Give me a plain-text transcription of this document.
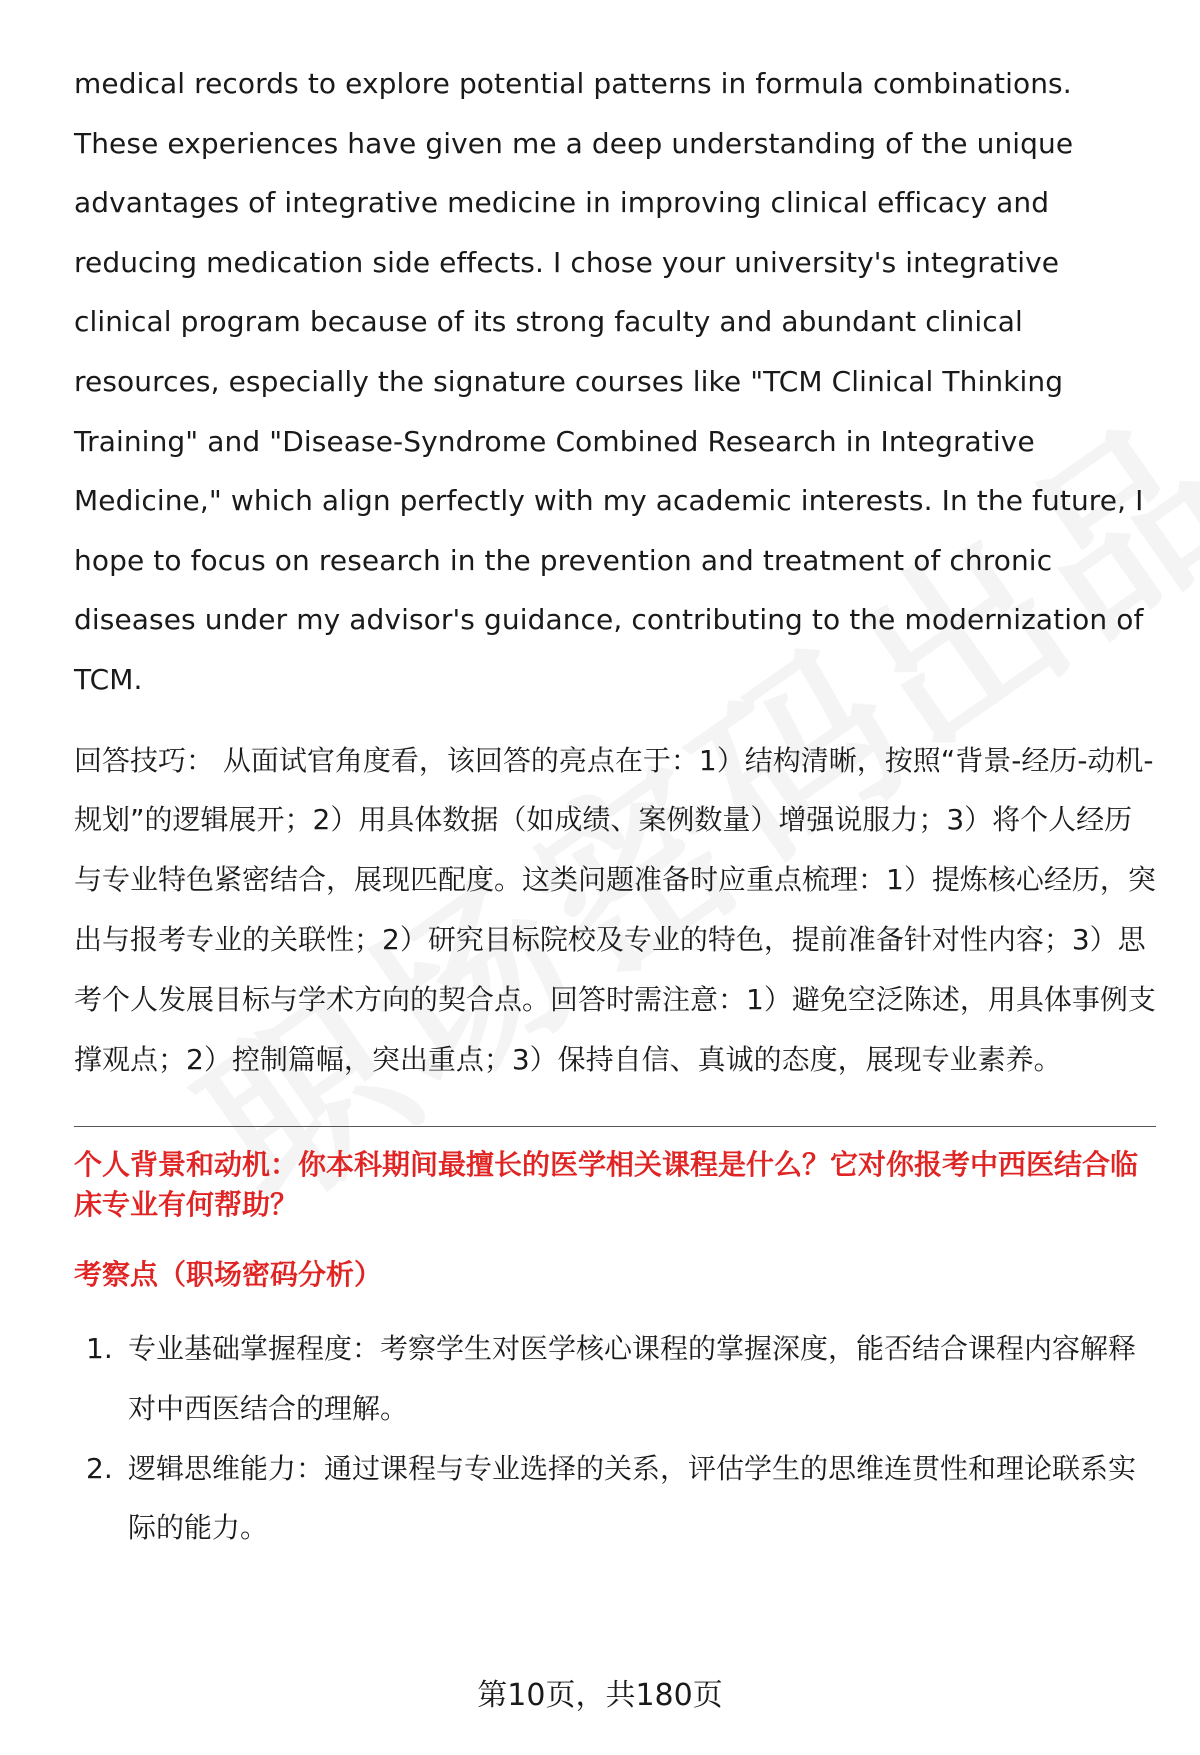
medical records to explore potential patterns in formula combinations. These experiences have given me a deep understanding of the unique advantages of integrative medicine in improving clinical efficacy and reducing medication side effects. I chose your university's integrative clinical program because of its strong faculty and abundant clinical resources, especially the signature courses like "TCM Clinical Thinking Training" and "Disease-Syndrome Combined Research in Integrative Medicine," which align perfectly with my academic interests. In the future, I hope to focus on research in the prevention and treatment of chronic diseases under my advisor's guidance, contributing to the modernization of TCM.

回答技巧： 从面试官角度看，该回答的亮点在于：1）结构清晰，按照“背景-经历-动机-规划”的逻辑展开；2）用具体数据（如成绩、案例数量）增强说服力；3）将个人经历与专业特色紧密结合，展现匹配度。这类问题准备时应重点梳理：1）提炼核心经历，突出与报考专业的关联性；2）研究目标院校及专业的特色，提前准备针对性内容；3）思考个人发展目标与学术方向的契合点。回答时需注意：1）避免空泛陈述，用具体事例支撑观点；2）控制篇幅，突出重点；3）保持自信、真诚的态度，展现专业素养。

个人背景和动机：你本科期间最擅长的医学相关课程是什么？它对你报考中西医结合临床专业有何帮助？
考察点（职场密码分析）
1. 专业基础掌握程度：考察学生对医学核心课程的掌握深度，能否结合课程内容解释对中西医结合的理解。
2. 逻辑思维能力：通过课程与专业选择的关系，评估学生的思维连贯性和理论联系实际的能力。
第10页，共180页
